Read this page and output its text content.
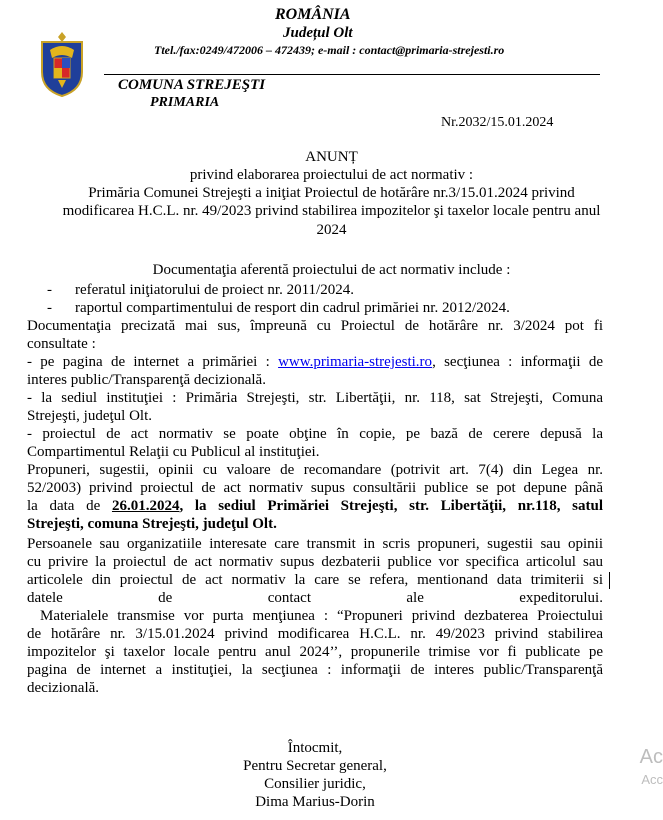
ROMÂNIA
Județul Olt
Ttel./fax:0249/472006 – 472439; e-mail : contact@primaria-strejesti.ro
COMUNA STREJEŞTI
PRIMARIA
Nr.2032/15.01.2024
ANUNȚ
privind elaborarea proiectului de act normativ :
Primăria Comunei Strejeşti a iniţiat Proiectul de hotărâre nr.3/15.01.2024 privind
modificarea H.C.L. nr. 49/2023 privind stabilirea impozitelor şi taxelor locale pentru anul
2024
Documentaţia aferentă proiectului de act normativ include :
- referatul iniţiatorului de proiect nr. 2011/2024.
- raportul compartimentului de resport din cadrul primăriei nr. 2012/2024.
Documentaţia precizată mai sus, împreună cu Proiectul de hotărâre nr. 3/2024 pot fi
consultate :
- pe pagina de internet a primăriei : www.primaria-strejesti.ro, secţiunea : informaţii de
interes public/Transparenţă decizională.
- la sediul instituţiei : Primăria Strejeşti, str. Libertăţii, nr. 118, sat Strejeşti, Comuna
Strejeşti, judeţul Olt.
- proiectul de act normativ se poate obţine în copie, pe bază de cerere depusă la
Compartimentul Relaţii cu Publicul al instituţiei.
Propuneri, sugestii, opinii cu valoare de recomandare (potrivit art. 7(4) din Legea nr.
52/2003) privind proiectul de act normativ supus consultării publice se pot depune până
la data de 26.01.2024, la sediul Primăriei Strejeşti, str. Libertăţii, nr.118, satul
Strejeşti, comuna Strejeşti, judeţul Olt.
Persoanele sau organizatiile interesate care transmit in scris propuneri, sugestii sau opinii
cu privire la proiectul de act normativ supus dezbaterii publice vor specifica articolul sau
articolele din proiectul de act normativ la care se refera, mentionand data trimiterii si
datele	de	contact	ale	expeditorului.
Materialele transmise vor purta menţiunea : “Propuneri privind dezbaterea Proiectului
de hotărâre nr. 3/15.01.2024 privind modificarea H.C.L. nr. 49/2023 privind stabilirea
impozitelor şi taxelor locale pentru anul 2024’’, propunerile trimise vor fi publicate pe
pagina de internet a instituţiei, la secţiunea : informaţii de interes public/Transparenţă
decizională.
Întocmit,
Pentru Secretar general,
Consilier juridic,
Dima Marius-Dorin
Ac
Acc
